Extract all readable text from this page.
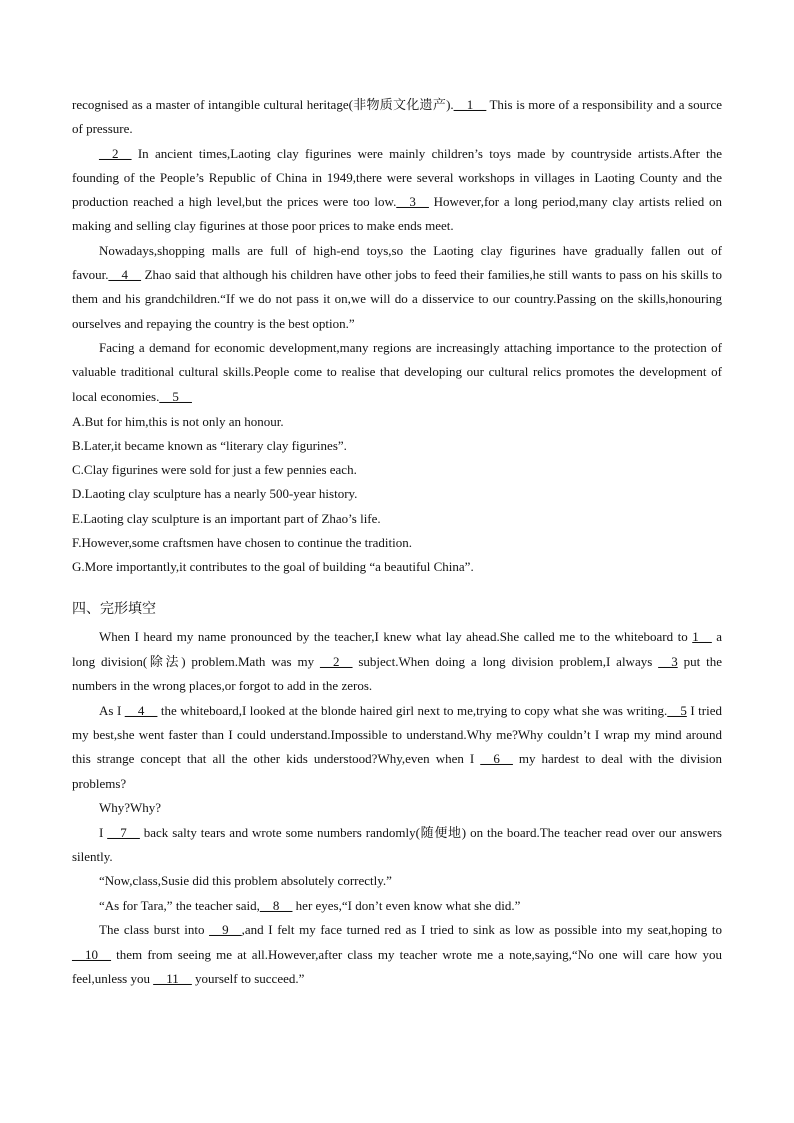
recognised as a master of intangible cultural heritage(非物质文化遗产).__1__ This is more of a responsibility and a source of pressure.

__2__ In ancient times,Laoting clay figurines were mainly children’s toys made by countryside artists.After the founding of the People’s Republic of China in 1949,there were several workshops in villages in Laoting County and the production reached a high level,but the prices were too low.__3__ However,for a long period,many clay artists relied on making and selling clay figurines at those poor prices to make ends meet.

Nowadays,shopping malls are full of high-end toys,so the Laoting clay figurines have gradually fallen out of favour.__4__ Zhao said that although his children have other jobs to feed their families,he still wants to pass on his skills to them and his grandchildren.“If we do not pass it on,we will do a disservice to our country.Passing on the skills,honouring ourselves and repaying the country is the best option.”

Facing a demand for economic development,many regions are increasingly attaching importance to the protection of valuable traditional cultural skills.People come to realise that developing our cultural relics promotes the development of local economies.__5__

A.But for him,this is not only an honour.

B.Later,it became known as “literary clay figurines”.

C.Clay figurines were sold for just a few pennies each.

D.Laoting clay sculpture has a nearly 500-year history.

E.Laoting clay sculpture is an important part of Zhao’s life.

F.However,some craftsmen have chosen to continue the tradition.

G.More importantly,it contributes to the goal of building “a beautiful China”.

四、完形填空

When I heard my name pronounced by the teacher,I knew what lay ahead.She called me to the whiteboard to 1__ a long division(除法) problem.Math was my __2__ subject.When doing a long division problem,I always __3 put the numbers in the wrong places,or forgot to add in the zeros.

As I __4__ the whiteboard,I looked at the blonde haired girl next to me,trying to copy what she was writing.__5 I tried my best,she went faster than I could understand.Impossible to understand.Why me?Why couldn’t I wrap my mind around this strange concept that all the other kids understood?Why,even when I __6__ my hardest to deal with the division problems?

Why?Why?

I __7__ back salty tears and wrote some numbers randomly(随便地) on the board.The teacher read over our answers silently.

“Now,class,Susie did this problem absolutely correctly.”

“As for Tara,” the teacher said,__8__ her eyes,“I don’t even know what she did.”

The class burst into __9__,and I felt my face turned red as I tried to sink as low as possible into my seat,hoping to __10__ them from seeing me at all.However,after class my teacher wrote me a note,saying,“No one will care how you feel,unless you __11__ yourself to succeed.”
